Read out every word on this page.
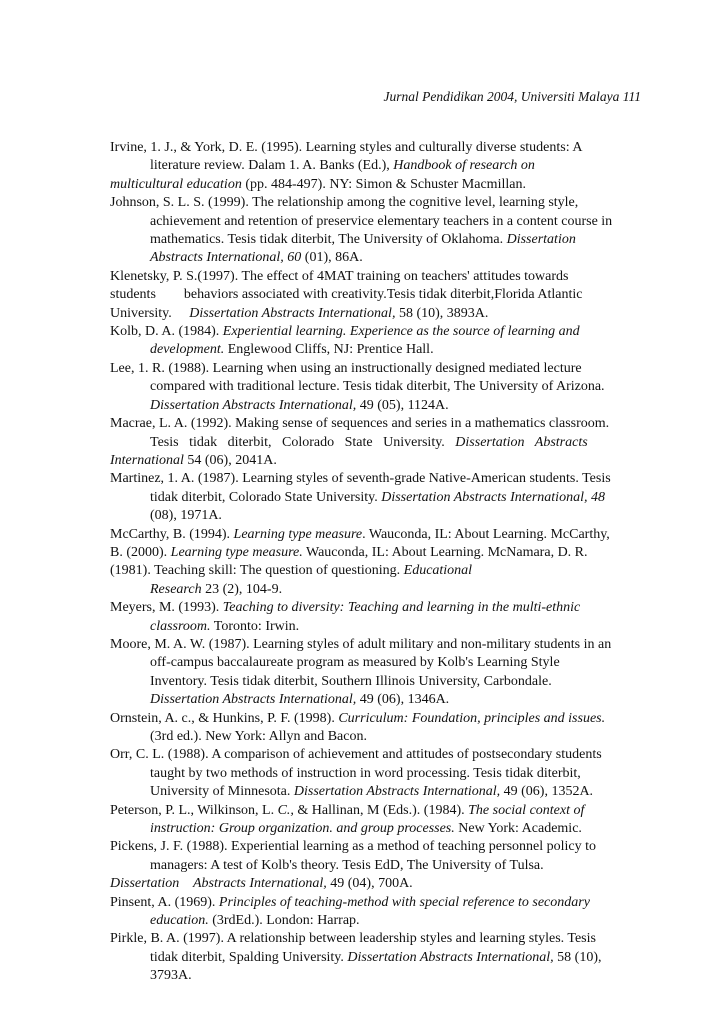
Jurnal Pendidikan 2004, Universiti Malaya 111
Irvine, 1. J., & York, D. E. (1995). Learning styles and culturally diverse students: A
literature review. Dalam 1. A. Banks (Ed.), Handbook of research on
multicultural education (pp. 484-497). NY: Simon & Schuster Macmillan.
Johnson, S. L. S. (1999). The relationship among the cognitive level, learning style,
achievement and retention of preservice elementary teachers in a content course in
mathematics. Tesis tidak diterbit, The University of Oklahoma. Dissertation
Abstracts International, 60 (01), 86A.
Klenetsky, P. S.(1997). The effect of 4MAT training on teachers' attitudes towards
students        behaviors associated with creativity.Tesis tidak diterbit,Florida Atlantic
University. Dissertation Abstracts International, 58 (10), 3893A.
Kolb, D. A. (1984). Experiential learning. Experience as the source of learning and
development. Englewood Cliffs, NJ: Prentice Hall.
Lee, 1. R. (1988). Learning when using an instructionally designed mediated lecture
compared with traditional lecture. Tesis tidak diterbit, The University of Arizona.
Dissertation Abstracts International, 49 (05), 1124A.
Macrae, L. A. (1992). Making sense of sequences and series in a mathematics classroom.
Tesis   tidak   diterbit,   Colorado   State   University. Dissertation   Abstracts
International 54 (06), 2041A.
Martinez, 1. A. (1987). Learning styles of seventh-grade Native-American students. Tesis
tidak diterbit, Colorado State University. Dissertation Abstracts International, 48
(08), 1971A.
McCarthy, B. (1994). Learning type measure. Wauconda, IL: About Learning. McCarthy,
B. (2000). Learning type measure. Wauconda, IL: About Learning. McNamara, D. R.
(1981). Teaching skill: The question of questioning. Educational
Research 23 (2), 104-9.
Meyers, M. (1993). Teaching to diversity: Teaching and learning in the multi-ethnic
classroom. Toronto: Irwin.
Moore, M. A. W. (1987). Learning styles of adult military and non-military students in an
off-campus baccalaureate program as measured by Kolb's Learning Style
Inventory. Tesis tidak diterbit, Southern Illinois University, Carbondale.
Dissertation Abstracts International, 49 (06), 1346A.
Ornstein, A. c., & Hunkins, P. F. (1998). Curriculum: Foundation, principles and issues.
(3rd ed.). New York: Allyn and Bacon.
Orr, C. L. (1988). A comparison of achievement and attitudes of postsecondary students
taught by two methods of instruction in word processing. Tesis tidak diterbit,
University of Minnesota. Dissertation Abstracts International, 49 (06), 1352A.
Peterson, P. L., Wilkinson, L. C., & Hallinan, M (Eds.). (1984). The social context of
instruction: Group organization. and group processes. New York: Academic.
Pickens, J. F. (1988). Experiential learning as a method of teaching personnel policy to
managers: A test of Kolb's theory. Tesis EdD, The University of Tulsa.
Dissertation    Abstracts International, 49 (04), 700A.
Pinsent, A. (1969). Principles of teaching-method with special reference to secondary
education. (3rdEd.). London: Harrap.
Pirkle, B. A. (1997). A relationship between leadership styles and learning styles. Tesis
tidak diterbit, Spalding University. Dissertation Abstracts International, 58 (10),
3793A.
